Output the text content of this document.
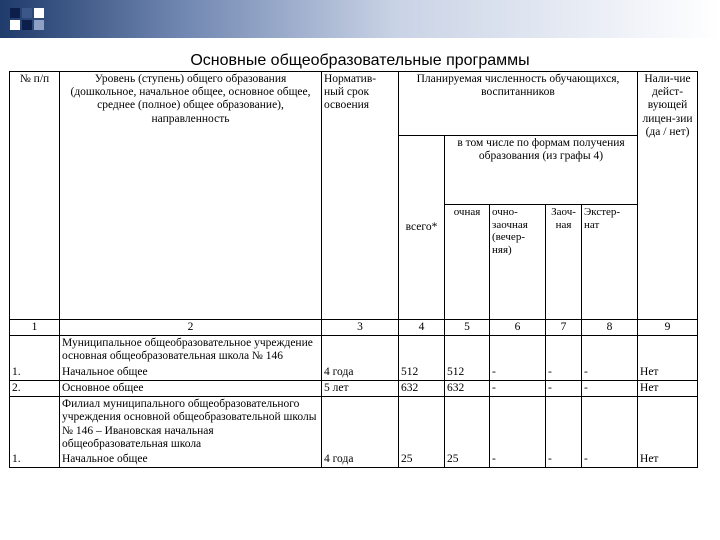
Основные общеобразовательные программы
№ п/п	Уровень (ступень) общего образования (дошкольное, начальное общее, основное общее, среднее (полное) общее образование), направленность	Норматив-ный срок освоения	Планируемая численность обучающихся, воспитанников					Нали-чие дейст-вующей лицен-зии (да / нет)
			всего*	в том числе по формам получения образования (из графы 4)				
				очная	очно-заочная (вечер-няя)	Заоч-ная	Экстер-нат	
1	2	3	4	5	6	7	8	9
	Муниципальное общеобразовательное учреждение основная общеобразовательная школа № 146							
1.	Начальное общее	4 года	512	512	-	-	-	Нет
2.	Основное общее	5 лет	632	632	-	-	-	Нет
	Филиал муниципального общеобразовательного учреждения основной общеобразовательной школы № 146 – Ивановская начальная общеобразовательная школа							
1.	Начальное общее	4 года	25	25	-	-	-	Нет
